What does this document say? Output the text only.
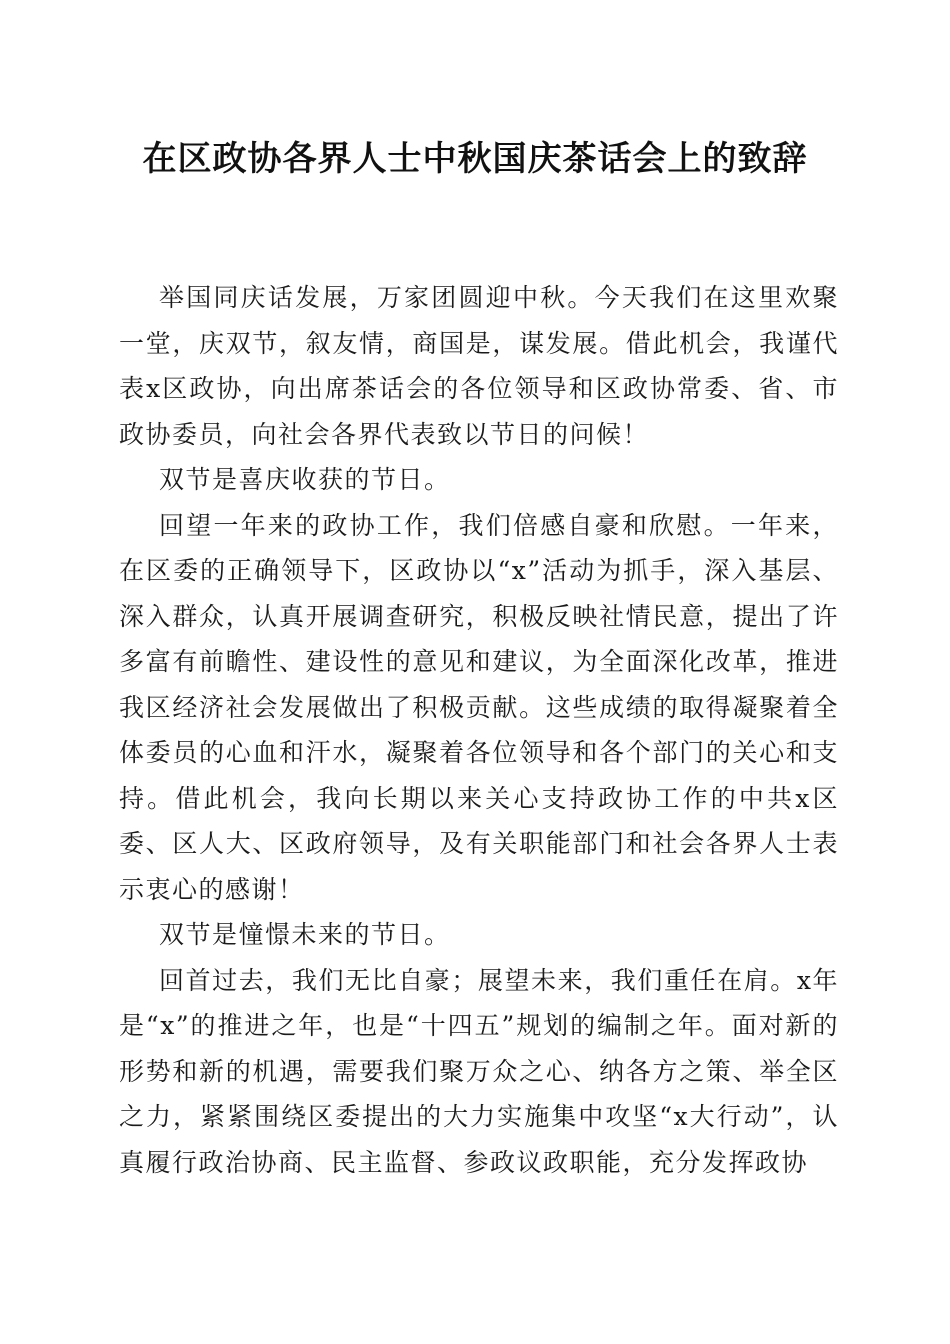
在区政协各界人士中秋国庆茶话会上的致辞

举国同庆话发展，万家团圆迎中秋。今天我们在这里欢聚一堂，庆双节，叙友情，商国是，谋发展。借此机会，我谨代表x区政协，向出席茶话会的各位领导和区政协常委、省、市政协委员，向社会各界代表致以节日的问候！

双节是喜庆收获的节日。

回望一年来的政协工作，我们倍感自豪和欣慰。一年来，在区委的正确领导下，区政协以“x”活动为抓手，深入基层、深入群众，认真开展调查研究，积极反映社情民意，提出了许多富有前瞻性、建设性的意见和建议，为全面深化改革，推进我区经济社会发展做出了积极贡献。这些成绩的取得凝聚着全体委员的心血和汗水，凝聚着各位领导和各个部门的关心和支持。借此机会，我向长期以来关心支持政协工作的中共x区委、区人大、区政府领导，及有关职能部门和社会各界人士表示衷心的感谢！

双节是憧憬未来的节日。

回首过去，我们无比自豪；展望未来，我们重任在肩。x年是“x”的推进之年，也是“十四五”规划的编制之年。面对新的形势和新的机遇，需要我们聚万众之心、纳各方之策、举全区之力，紧紧围绕区委提出的大力实施集中攻坚“x大行动”，认真履行政治协商、民主监督、参政议政职能，充分发挥政协
